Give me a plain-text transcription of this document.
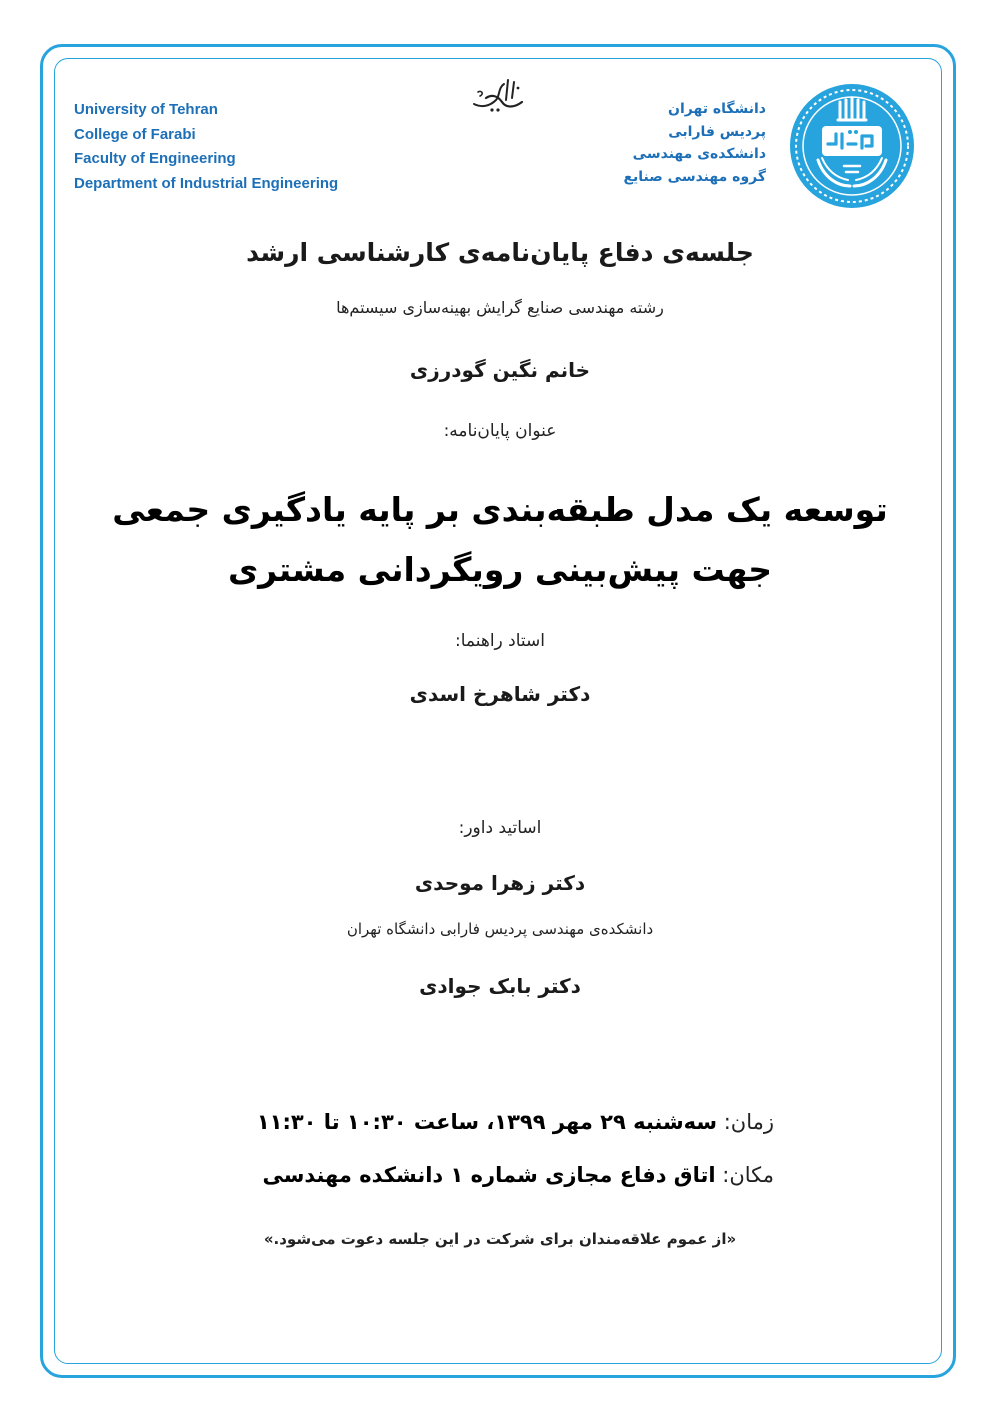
University of Tehran
College of Farabi
Faculty of Engineering
Department of Industrial Engineering
دانشگاه تهران
پردیس فارابی
دانشکده‌ی مهندسی
گروه مهندسی صنایع
جلسه‌ی دفاع پایان‌نامه‌ی کارشناسی ارشد
رشته مهندسی صنایع گرایش بهینه‌سازی سیستم‌ها
خانم نگین گودرزی
عنوان پایان‌نامه:
توسعه یک مدل طبقه‌بندی بر پایه یادگیری جمعی
جهت پیش‌بینی رویگردانی مشتری
استاد راهنما:
دکتر شاهرخ اسدی
اساتید داور:
دکتر زهرا موحدی
دانشکده‌ی مهندسی پردیس فارابی دانشگاه تهران
دکتر بابک جوادی
زمان: سه‌شنبه ۲۹ مهر ۱۳۹۹، ساعت ۱۰:۳۰ تا ۱۱:۳۰
مکان: اتاق دفاع مجازی شماره ۱ دانشکده مهندسی
«از عموم علاقه‌مندان برای شرکت در این جلسه دعوت می‌شود.»
